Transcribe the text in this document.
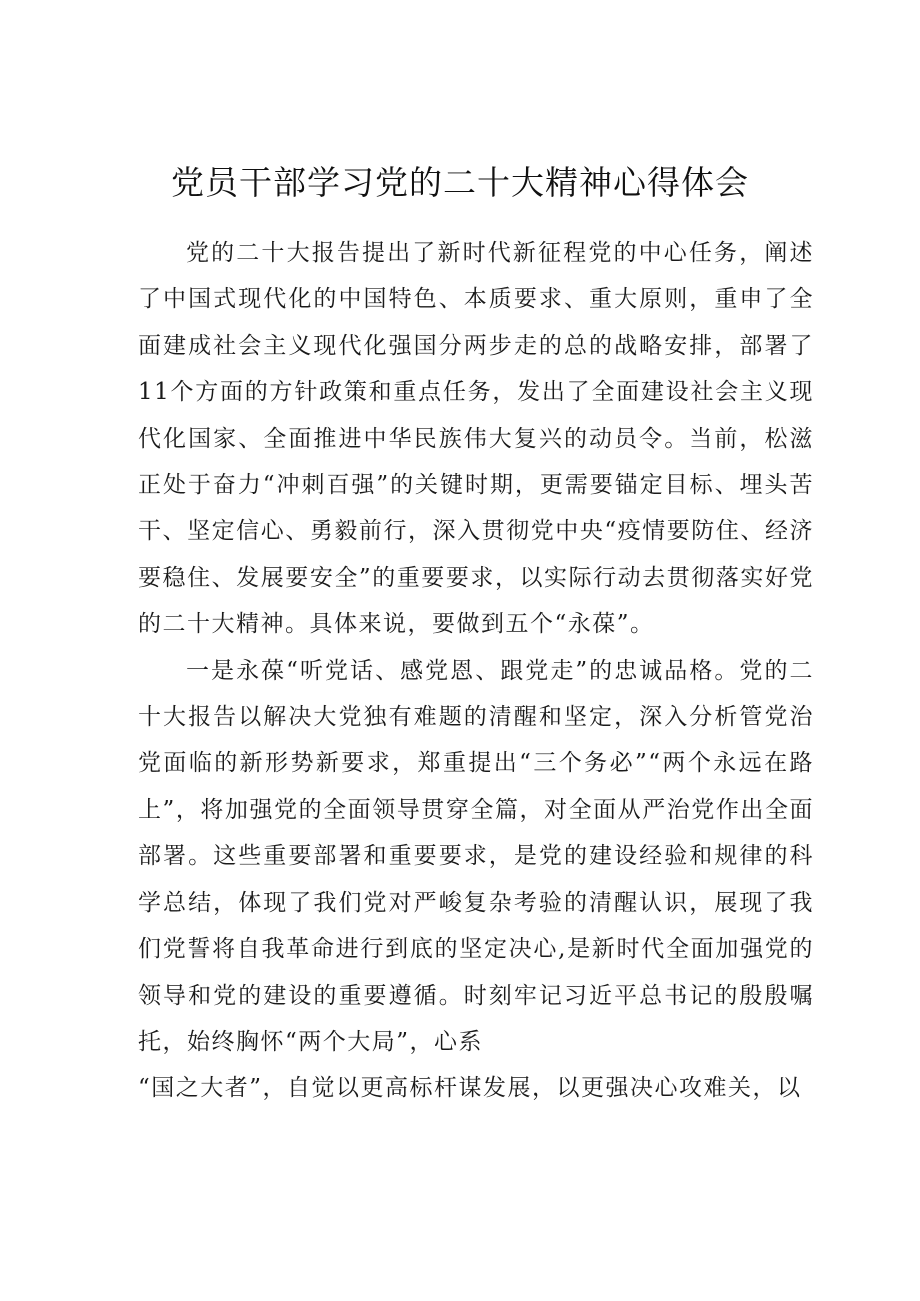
党员干部学习党的二十大精神心得体会

党的二十大报告提出了新时代新征程党的中心任务，阐述了中国式现代化的中国特色、本质要求、重大原则，重申了全面建成社会主义现代化强国分两步走的总的战略安排，部署了11个方面的方针政策和重点任务，发出了全面建设社会主义现代化国家、全面推进中华民族伟大复兴的动员令。当前，松滋正处于奋力“冲刺百强”的关键时期，更需要锚定目标、埋头苦干、坚定信心、勇毅前行，深入贯彻党中央“疫情要防住、经济要稳住、发展要安全”的重要要求，以实际行动去贯彻落实好党的二十大精神。具体来说，要做到五个“永葆”。

一是永葆“听党话、感党恩、跟党走”的忠诚品格。党的二十大报告以解决大党独有难题的清醒和坚定，深入分析管党治党面临的新形势新要求，郑重提出“三个务必”“两个永远在路上”，将加强党的全面领导贯穿全篇，对全面从严治党作出全面部署。这些重要部署和重要要求，是党的建设经验和规律的科学总结，体现了我们党对严峻复杂考验的清醒认识，展现了我们党誓将自我革命进行到底的坚定决心,是新时代全面加强党的领导和党的建设的重要遵循。时刻牢记习近平总书记的殷殷嘱托，始终胸怀“两个大局”，心系

“国之大者”，自觉以更高标杆谋发展，以更强决心攻难关，以
